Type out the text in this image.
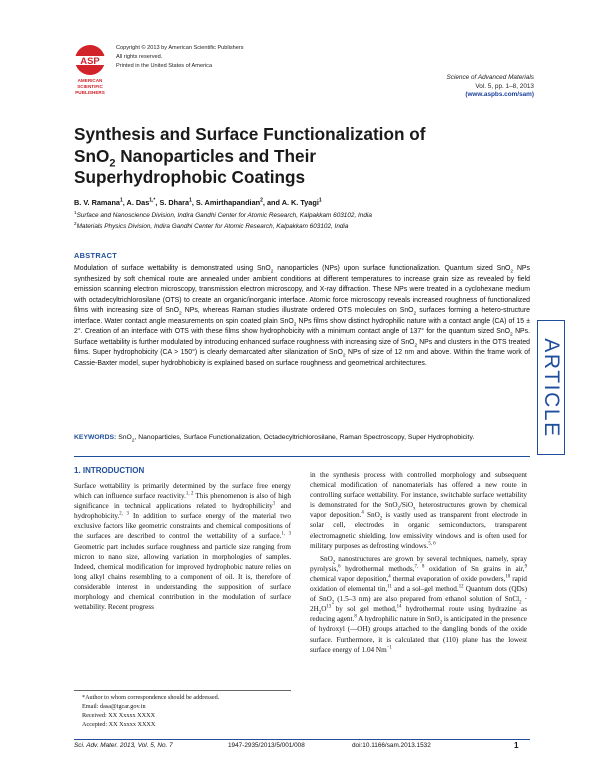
ASP
AMERICAN
SCIENTIFIC
PUBLISHERS
Copyright © 2013 by American Scientific Publishers
All rights reserved.
Printed in the United States of America
Science of Advanced Materials
Vol. 5, pp. 1–8, 2013
(www.aspbs.com/sam)
Synthesis and Surface Functionalization of
SnO$_2$ Nanoparticles and Their
Superhydrophobic Coatings
B. V. Ramana$^1$, A. Das$^{1,*}$, S. Dhara$^1$, S. Amirthapandian$^2$, and A. K. Tyagi$^1$
$^1$Surface and Nanoscience Division, Indira Gandhi Center for Atomic Research, Kalpakkam 603102, India
$^2$Materials Physics Division, Indira Gandhi Center for Atomic Research, Kalpakkam 603102, India
ABSTRACT

Modulation of surface wettability is demonstrated using SnO$_2$ nanoparticles (NPs) upon surface functionalization. Quantum sized SnO$_2$ NPs synthesized by soft chemical route are annealed under ambient conditions at different temperatures to increase grain size as revealed by field emission scanning electron microscopy, transmission electron microscopy, and X-ray diffraction. These NPs were treated in a cyclohexane medium with octadecyltrichlorosilane (OTS) to create an organic/inorganic interface. Atomic force microscopy reveals increased roughness of functionalized films with increasing size of SnO$_2$ NPs, whereas Raman studies illustrate ordered OTS molecules on SnO$_2$ surfaces forming a hetero-structure interface. Water contact angle measurements on spin coated plain SnO$_2$ NPs films show distinct hydrophilic nature with a contact angle (CA) of 15 ± 2°. Creation of an interface with OTS with these films show hydrophobicity with a minimum contact angle of 137° for the quantum sized SnO$_2$ NPs. Surface wettability is further modulated by introducing enhanced surface roughness with increasing size of SnO$_2$ NPs and clusters in the OTS treated films. Super hydrophobicity (CA > 150°) is clearly demarcated after silanization of SnO$_2$ NPs of size of 12 nm and above. Within the frame work of Cassie-Baxter model, super hydrobhobicity is explained based on surface roughness and geometrical architectures.

KEYWORDS: SnO$_2$, Nanoparticles, Surface Functionalization, Octadecyltrichlorosilane, Raman Spectroscopy, Super Hydrophobicity.
ARTICLE
1. INTRODUCTION

Surface wettability is primarily determined by the surface free energy which can influence surface reactivity.$^{1, 2}$ This phenomenon is also of high significance in technical applications related to hydrophilicity$^1$ and hydrophobicity.$^{2, 3}$ In addition to surface energy of the material two exclusive factors like geometric constraints and chemical compositions of the surfaces are described to control the wettability of a surface.$^{1, 3}$ Geometric part includes surface roughness and particle size ranging from micron to nano size, allowing variation in morphologies of samples. Indeed, chemical modification for improved hydrophobic nature relies on long alkyl chains resembling to a component of oil. It is, therefore of considerable interest in understanding the supposition of surface morphology and chemical contribution in the modulation of surface wettability. Recent progress

in the synthesis process with controlled morphology and subsequent chemical modification of nanomaterials has offered a new route in controlling surface wettability. For instance, switchable surface wettability is demonstrated for the SnO$_2$/SiO$_x$ heterostructures grown by chemical vapor deposition.$^4$ SnO$_2$ is vastly used as transparent front electrode in solar cell, electrodes in organic semiconductors, transparent electromagnetic shielding, low emissivity windows and is often used for military purposes as defrosting windows.$^{5, 6}$

SnO$_2$ nanostructures are grown by several techniques, namely, spray pyrolysis,$^6$ hydrothermal methods,$^{7, 8}$ oxidation of Sn grains in air,$^9$ chemical vapor deposition,$^4$ thermal evaporation of oxide powders,$^{10}$ rapid oxidation of elemental tin,$^{11}$ and a sol–gel method.$^{12}$ Quantum dots (QDs) of SnO$_2$ (1.5–3 nm) are also prepared from ethanol solution of SnCl$_2$ · $2H_2O^{13}$ by sol gel method,$^{14}$ hydrothermal route using hydrazine as reducing agent.$^8$ A hydrophilic nature in SnO$_2$ is anticipated in the presence of hydroxyl (—OH) groups attached to the dangling bonds of the oxide surface. Furthermore, it is calculated that (110) plane has the lowest surface energy of 1.04 $Nm^{-1}$

*Author to whom correspondence should be addressed.
Email: dasa@igcar.gov.in
Received: XX Xxxxx XXXX
Accepted: XX Xxxxx XXXX
Sci. Adv. Mater. 2013, Vol. 5, No. 7	1947-2935/2013/5/001/008	doi:10.1166/sam.2013.1532	1
